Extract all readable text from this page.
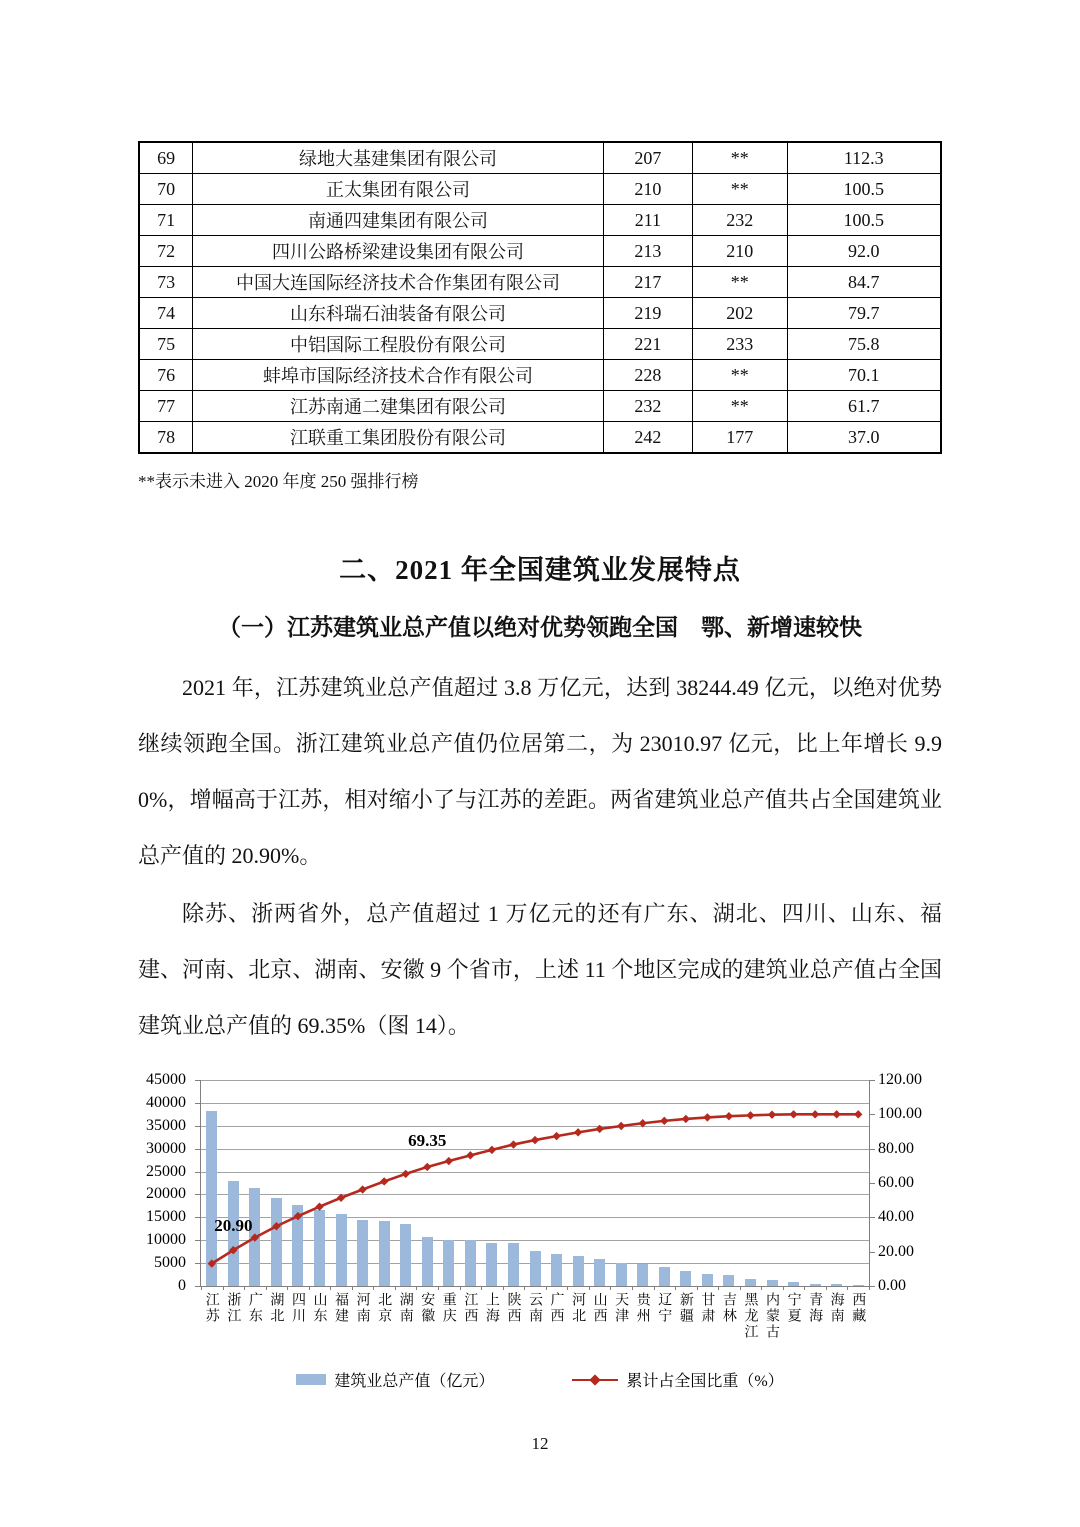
69	绿地大基建集团有限公司	207	**	112.3
70	正太集团有限公司	210	**	100.5
71	南通四建集团有限公司	211	232	100.5
72	四川公路桥梁建设集团有限公司	213	210	92.0
73	中国大连国际经济技术合作集团有限公司	217	**	84.7
74	山东科瑞石油装备有限公司	219	202	79.7
75	中铝国际工程股份有限公司	221	233	75.8
76	蚌埠市国际经济技术合作有限公司	228	**	70.1
77	江苏南通二建集团有限公司	232	**	61.7
78	江联重工集团股份有限公司	242	177	37.0
**表示未进入 2020 年度 250 强排行榜
二、2021 年全国建筑业发展特点
（一）江苏建筑业总产值以绝对优势领跑全国　鄂、新增速较快
2021 年，江苏建筑业总产值超过 3.8 万亿元，达到 38244.49 亿元，以绝对优势继续领跑全国。浙江建筑业总产值仍位居第二，为 23010.97 亿元，比上年增长 9.90%，增幅高于江苏，相对缩小了与江苏的差距。两省建筑业总产值共占全国建筑业总产值的 20.90%。
除苏、浙两省外，总产值超过 1 万亿元的还有广东、湖北、四川、山东、福建、河南、北京、湖南、安徽 9 个省市，上述 11 个地区完成的建筑业总产值占全国建筑业总产值的 69.35%（图 14）。
20.90
69.35
0
5000
10000
15000
20000
25000
30000
35000
40000
45000
0.00
20.00
40.00
60.00
80.00
100.00
120.00
江苏 浙江 广东 湖北 四川 山东 福建 河南 北京 湖南 安徽 重庆 江西 上海 陕西 云南 广西 河北 山西 天津 贵州 辽宁 新疆 甘肃 吉林 黑龙江 内蒙古 宁夏 青海 海南 西藏
建筑业总产值（亿元）	累计占全国比重（%）
12
